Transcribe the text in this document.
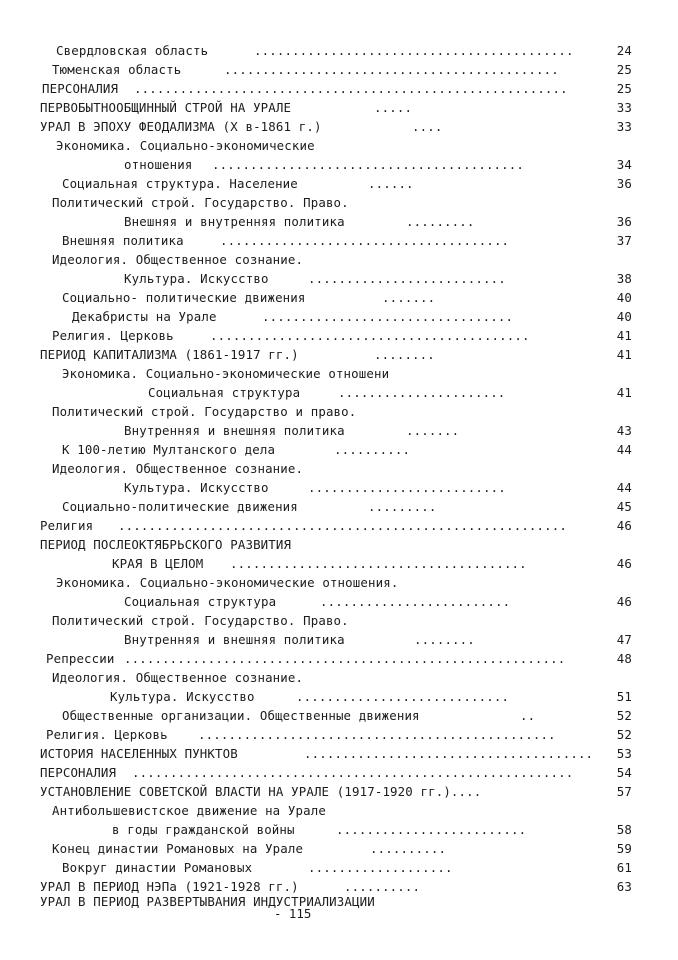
Свердловская область	..........................................	24
Тюменская область	............................................	25
ПЕРСОНАЛИЯ .........................................................	25
ПЕРВОБЫТНООБЩИННЫЙ СТРОЙ НА УРАЛЕ	.....	33
УРАЛ В ЭПОХУ ФЕОДАЛИЗМА (Х в-1861 г.)	....	33
Экономика. Социально-экономические
отношения .........................................	34
Социальная структура. Население	......	36
Политический строй. Государство. Право.
Внешняя и внутренняя политика	.........	36
Внешняя политика	......................................	37
Идеология. Общественное сознание.
Культура. Искусство	..........................	38
Социально- политические движения	.......	40
Декабристы на Урале	.................................	40
Религия. Церковь	..........................................	41
ПЕРИОД КАПИТАЛИЗМА (1861-1917 гг.)	........	41
Экономика. Социально-экономические отношени
Социальная структура	......................	41
Политический строй. Государство и право.
Внутренняя и внешняя политика	.......	43
К 100-летию Мултанского дела	..........	44
Идеология. Общественное сознание.
Культура. Искусство	..........................	44
Социально-политические движения	.........	45
Религия ...........................................................	46
ПЕРИОД ПОСЛЕОКТЯБРЬСКОГО РАЗВИТИЯ
КРАЯ В ЦЕЛОМ .......................................	46
Экономика. Социально-экономические отношения.
Социальная структура	.........................	46
Политический строй. Государство. Право.
Внутренняя и внешняя политика	........	47
Репрессии ..........................................................	48
Идеология. Общественное сознание.
Культура. Искусство	............................	51
Общественные организации. Общественные движения	..	52
Религия. Церковь ...............................................	52
ИСТОРИЯ НАСЕЛЕННЫХ ПУНКТОВ	......................................	53
ПЕРСОНАЛИЯ ..........................................................	54
УСТАНОВЛЕНИЕ СОВЕТСКОЙ ВЛАСТИ НА УРАЛЕ (1917-1920 гг.)....	57
Антибольшевистское движение на Урале
в годы гражданской войны	.........................	58
Конец династии Романовых на Урале	..........	59
Вокруг династии Романовых	...................	61
УРАЛ В ПЕРИОД НЭПа (1921-1928 гг.)	..........	63
УРАЛ В ПЕРИОД РАЗВЕРТЫВАНИЯ ИНДУСТРИАЛИЗАЦИИ
- 115
